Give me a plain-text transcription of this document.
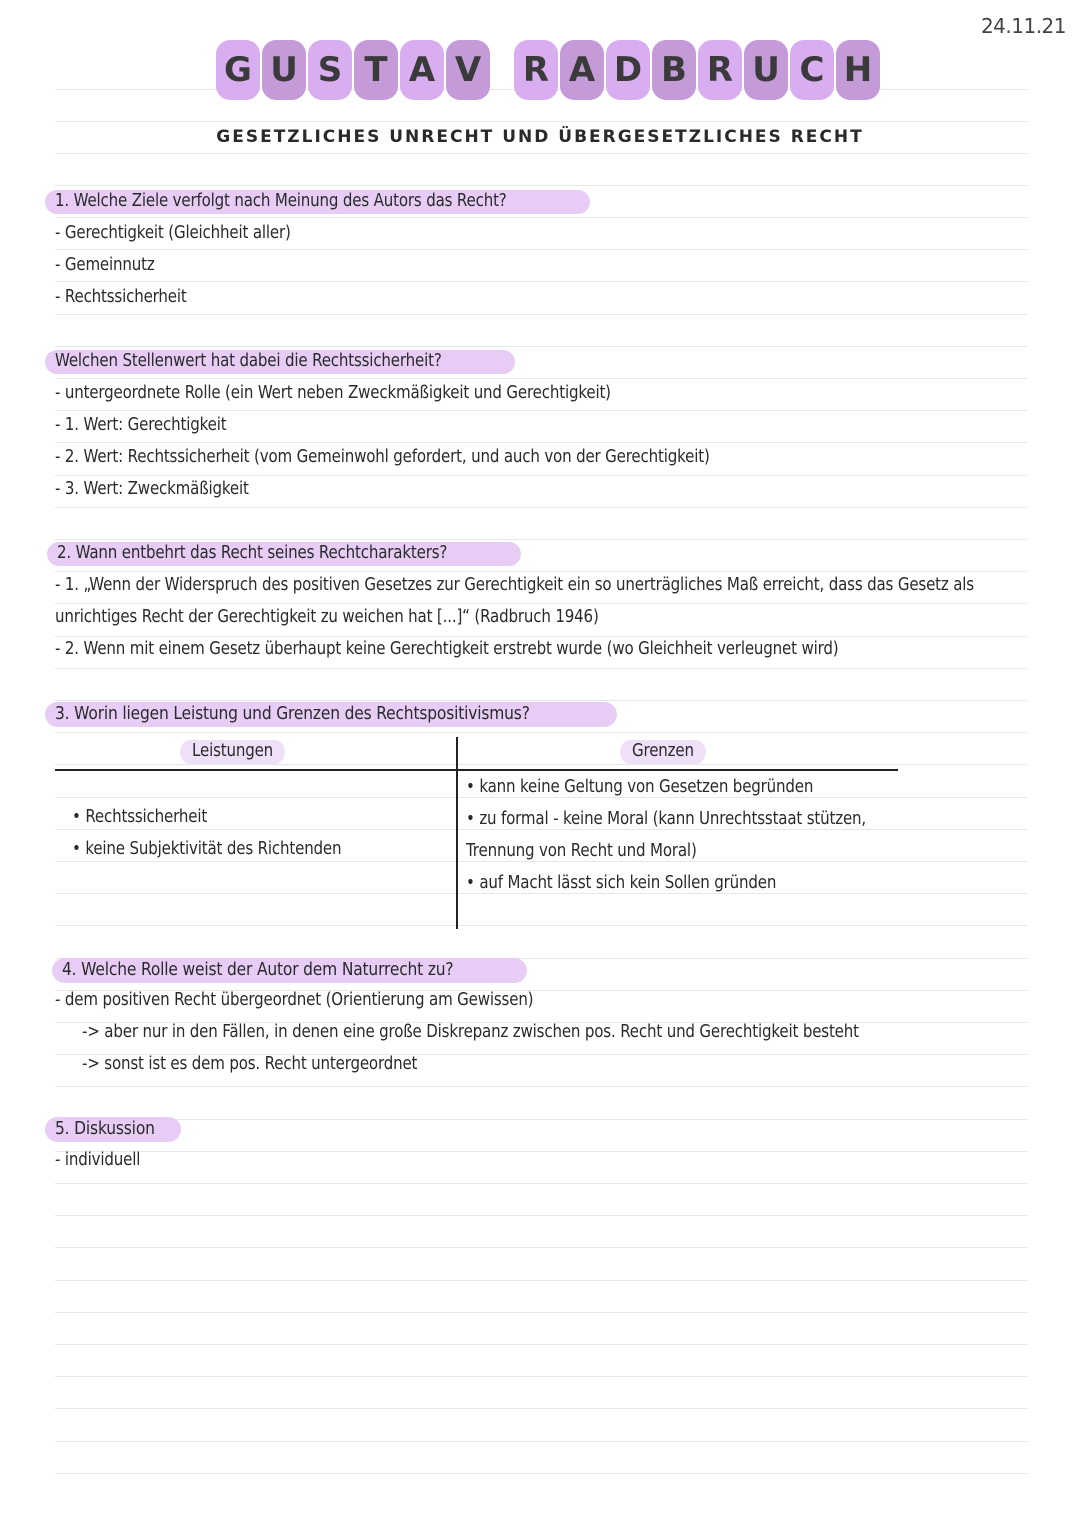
24.11.21
G U S T A V R A D B R U C H
GESETZLICHES UNRECHT UND ÜBERGESETZLICHES RECHT
1. Welche Ziele verfolgt nach Meinung des Autors das Recht?
- Gerechtigkeit (Gleichheit aller)
- Gemeinnutz
- Rechtssicherheit
Welchen Stellenwert hat dabei die Rechtssicherheit?
- untergeordnete Rolle (ein Wert neben Zweckmäßigkeit und Gerechtigkeit)
- 1. Wert: Gerechtigkeit
- 2. Wert: Rechtssicherheit (vom Gemeinwohl gefordert, und auch von der Gerechtigkeit)
- 3. Wert: Zweckmäßigkeit
2. Wann entbehrt das Recht seines Rechtcharakters?
- 1. „Wenn der Widerspruch des positiven Gesetzes zur Gerechtigkeit ein so unerträgliches Maß erreicht, dass das Gesetz als
unrichtiges Recht der Gerechtigkeit zu weichen hat [...]“ (Radbruch 1946)
- 2. Wenn mit einem Gesetz überhaupt keine Gerechtigkeit erstrebt wurde (wo Gleichheit verleugnet wird)
3. Worin liegen Leistung und Grenzen des Rechtspositivismus?
Leistungen	Grenzen
• Rechtssicherheit
• keine Subjektivität des Richtenden
• kann keine Geltung von Gesetzen begründen
• zu formal - keine Moral (kann Unrechtsstaat stützen,
Trennung von Recht und Moral)
• auf Macht lässt sich kein Sollen gründen
4. Welche Rolle weist der Autor dem Naturrecht zu?
- dem positiven Recht übergeordnet (Orientierung am Gewissen)
-> aber nur in den Fällen, in denen eine große Diskrepanz zwischen pos. Recht und Gerechtigkeit besteht
-> sonst ist es dem pos. Recht untergeordnet
5. Diskussion
- individuell
